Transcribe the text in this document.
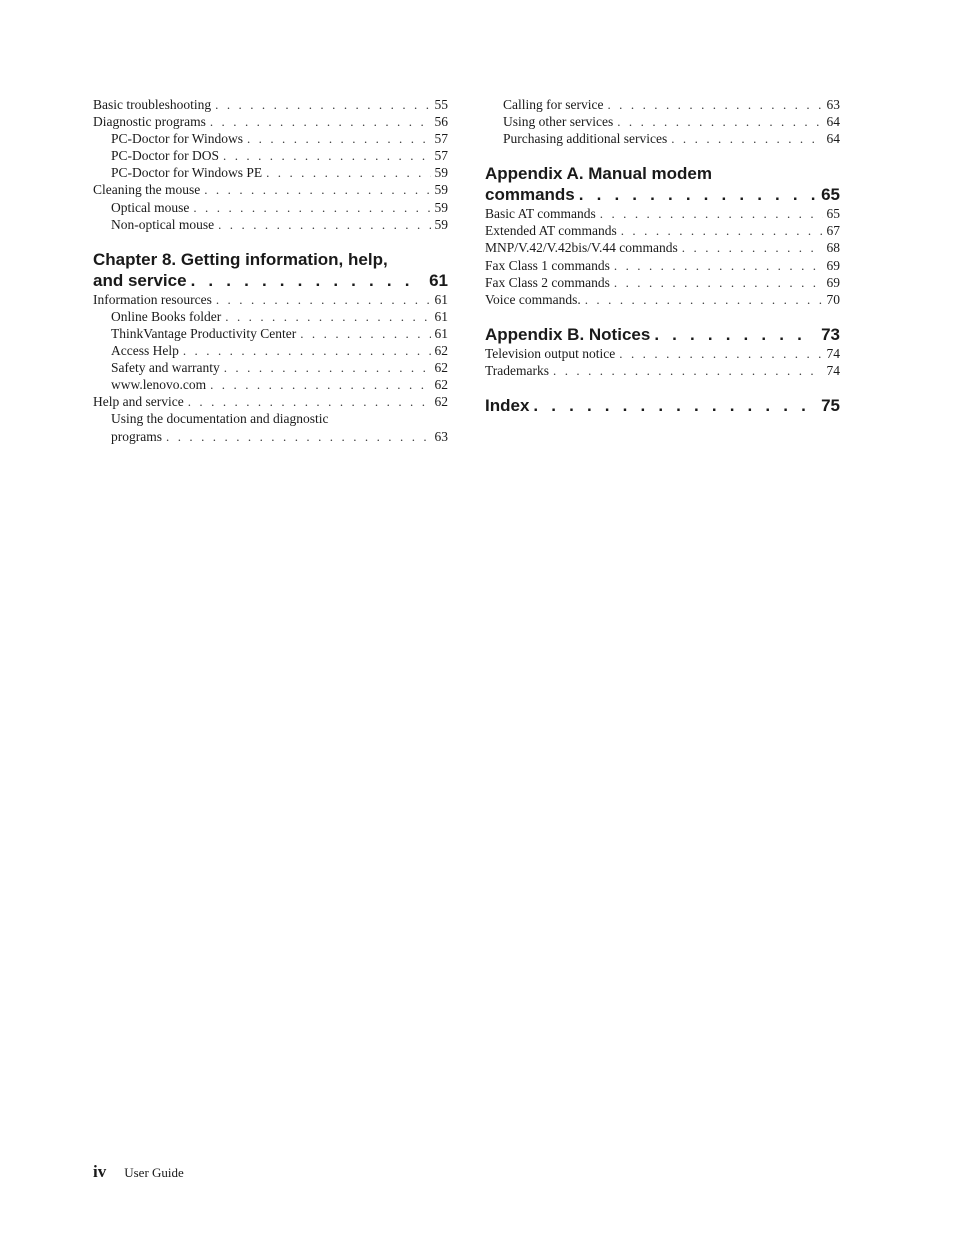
Basic troubleshooting . . .	55
Diagnostic programs . . .	56
PC-Doctor for Windows . . .	57
PC-Doctor for DOS . . .	57
PC-Doctor for Windows PE . . .	59
Cleaning the mouse . . .	59
Optical mouse . . .	59
Non-optical mouse . . .	59
Chapter 8. Getting information, help,
and service . . .	61
Information resources . . .	61
Online Books folder . . .	61
ThinkVantage Productivity Center . . .	61
Access Help . . .	62
Safety and warranty . . .	62
www.lenovo.com . . .	62
Help and service . . .	62
Using the documentation and diagnostic
programs . . .	63
Calling for service . . .	63
Using other services . . .	64
Purchasing additional services . . .	64
Appendix A. Manual modem
commands . . .	65
Basic AT commands . . .	65
Extended AT commands . . .	67
MNP/V.42/V.42bis/V.44 commands . . .	68
Fax Class 1 commands . . .	69
Fax Class 2 commands . . .	69
Voice commands. . . .	70
Appendix B. Notices . . .	73
Television output notice . . .	74
Trademarks . . .	74
Index . . .	75
iv User Guide
